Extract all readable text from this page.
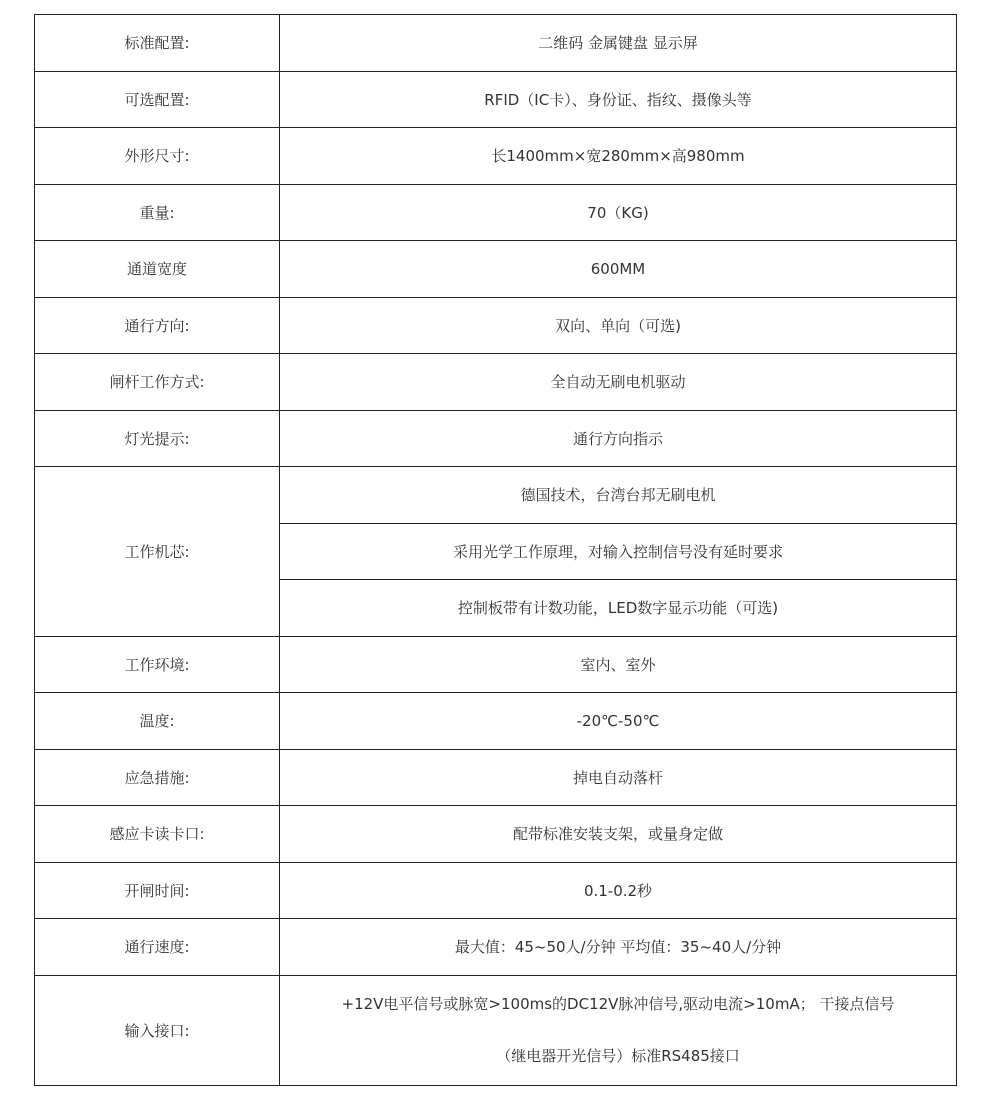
标准配置:	二维码 金属键盘 显示屏
可选配置:	RFID（IC卡）、身份证、指纹、摄像头等
外形尺寸:	长1400mm×宽280mm×高980mm
重量:	70（KG)
通道宽度	600MM
通行方向:	双向、单向（可选)
闸杆工作方式:	全自动无刷电机驱动
灯光提示:	通行方向指示
工作机芯:	德国技术，台湾台邦无刷电机
	采用光学工作原理，对输入控制信号没有延时要求
	控制板带有计数功能，LED数字显示功能（可选)
工作环境:	室内、室外
温度:	-20℃-50℃
应急措施:	掉电自动落杆
感应卡读卡口:	配带标准安装支架，或量身定做
开闸时间:	0.1-0.2秒
通行速度:	最大值：45~50人/分钟 平均值：35~40人/分钟
输入接口:	+12V电平信号或脉宽>100ms的DC12V脉冲信号,驱动电流>10mA； 干接点信号
（继电器开光信号）标准RS485接口
